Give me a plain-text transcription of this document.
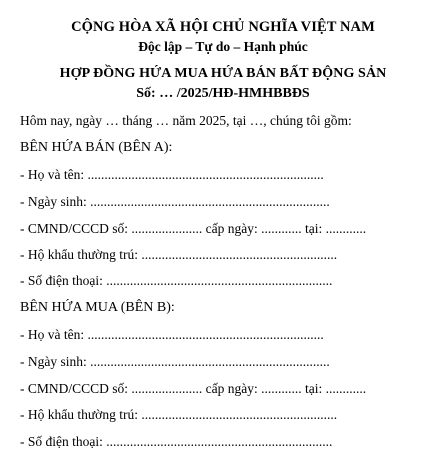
CỘNG HÒA XÃ HỘI CHỦ NGHĨA VIỆT NAM
Độc lập – Tự do – Hạnh phúc
HỢP ĐỒNG HỨA MUA HỨA BÁN BẤT ĐỘNG SẢN
Số: … /2025/HĐ-HMHBBĐS
Hôm nay, ngày … tháng … năm 2025, tại …, chúng tôi gồm:
BÊN HỨA BÁN (BÊN A):
- Họ và tên: ......................................................................
- Ngày sinh: .......................................................................
- CMND/CCCD số: ..................... cấp ngày: ............ tại: ............
- Hộ khẩu thường trú: ..........................................................
- Số điện thoại: ...................................................................
BÊN HỨA MUA (BÊN B):
- Họ và tên: ......................................................................
- Ngày sinh: .......................................................................
- CMND/CCCD số: ..................... cấp ngày: ............ tại: ............
- Hộ khẩu thường trú: ..........................................................
- Số điện thoại: ...................................................................
